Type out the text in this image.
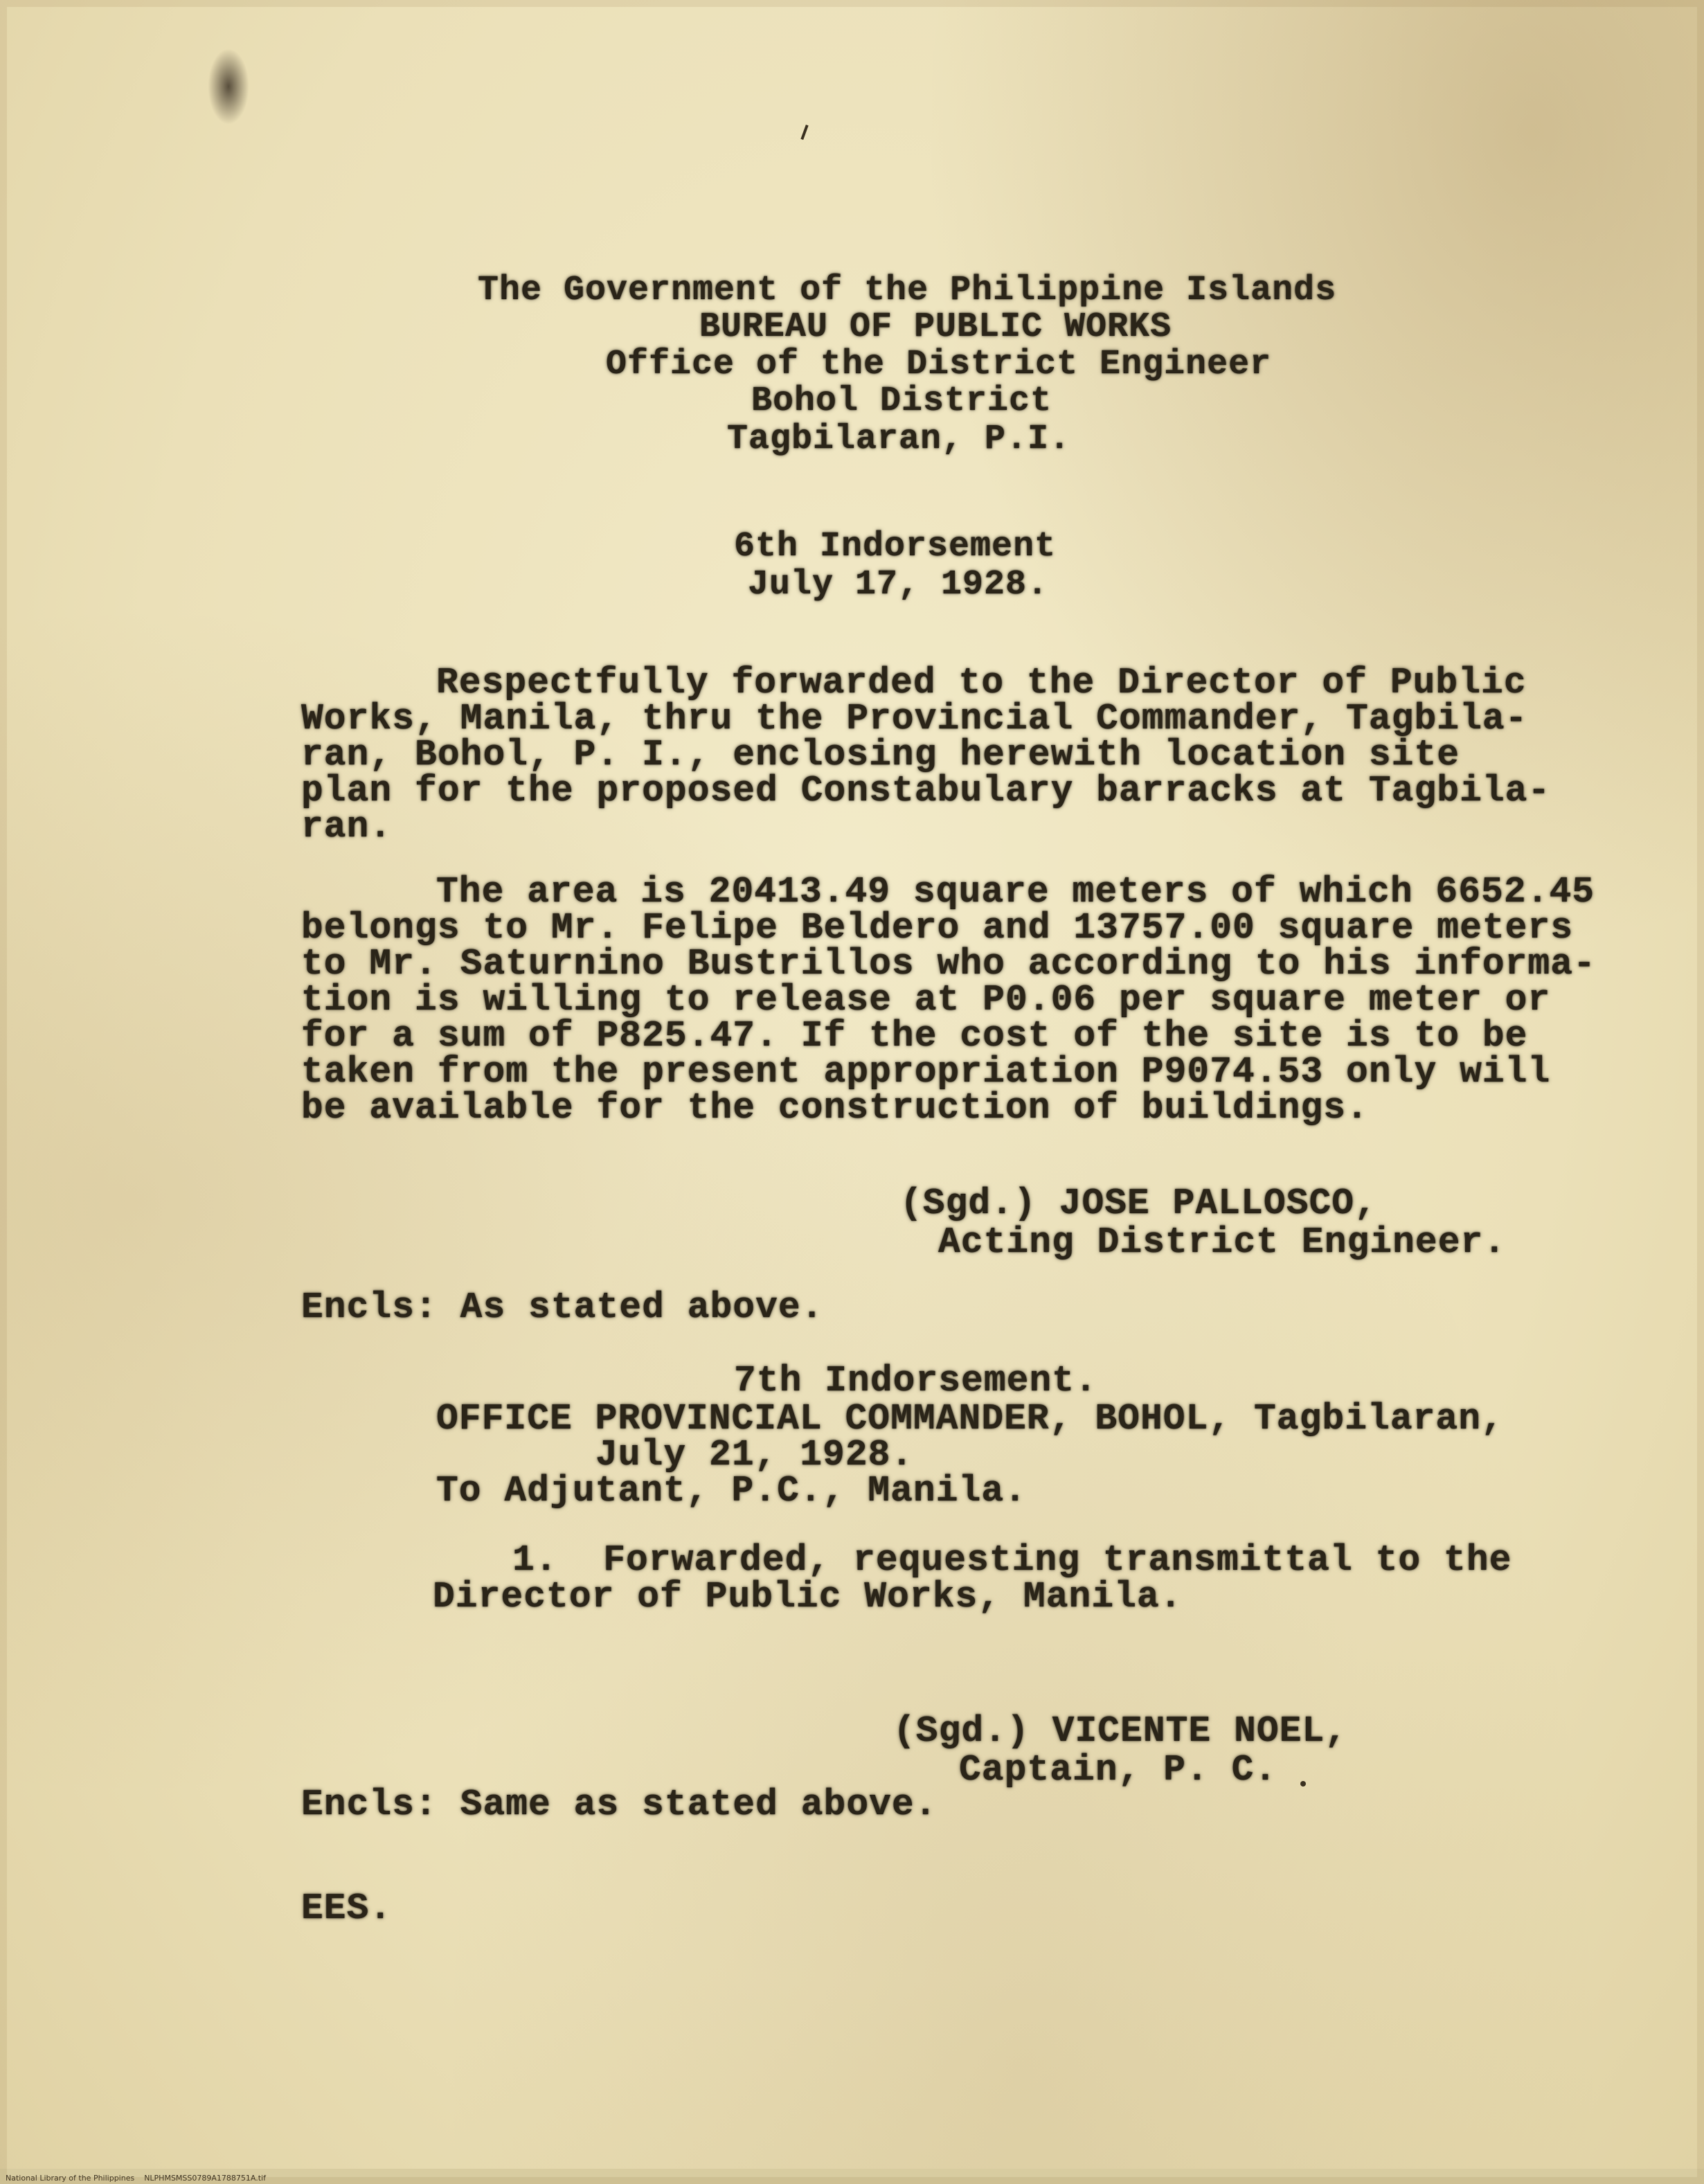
The Government of the Philippine Islands
BUREAU OF PUBLIC WORKS
Office of the District Engineer
Bohol District
Tagbilaran, P.I.
6th Indorsement
July 17, 1928.
Respectfully forwarded to the Director of Public
Works, Manila, thru the Provincial Commander, Tagbila-
ran, Bohol, P. I., enclosing herewith location site
plan for the proposed Constabulary barracks at Tagbila-
ran.
The area is 20413.49 square meters of which 6652.45
belongs to Mr. Felipe Beldero and 13757.00 square meters
to Mr. Saturnino Bustrillos who according to his informa-
tion is willing to release at P0.06 per square meter or
for a sum of P825.47. If the cost of the site is to be
taken from the present appropriation P9074.53 only will
be available for the construction of buildings.
(Sgd.) JOSE PALLOSCO,
Acting District Engineer.
Encls: As stated above.
7th Indorsement.
OFFICE PROVINCIAL COMMANDER, BOHOL, Tagbilaran,
July 21, 1928.
To Adjutant, P.C., Manila.
1.  Forwarded, requesting transmittal to the
Director of Public Works, Manila.
(Sgd.) VICENTE NOEL,
Captain, P. C.
Encls: Same as stated above.
EES.
National Library of the Philippines    NLPHMSMSS0789A1788751A.tif
